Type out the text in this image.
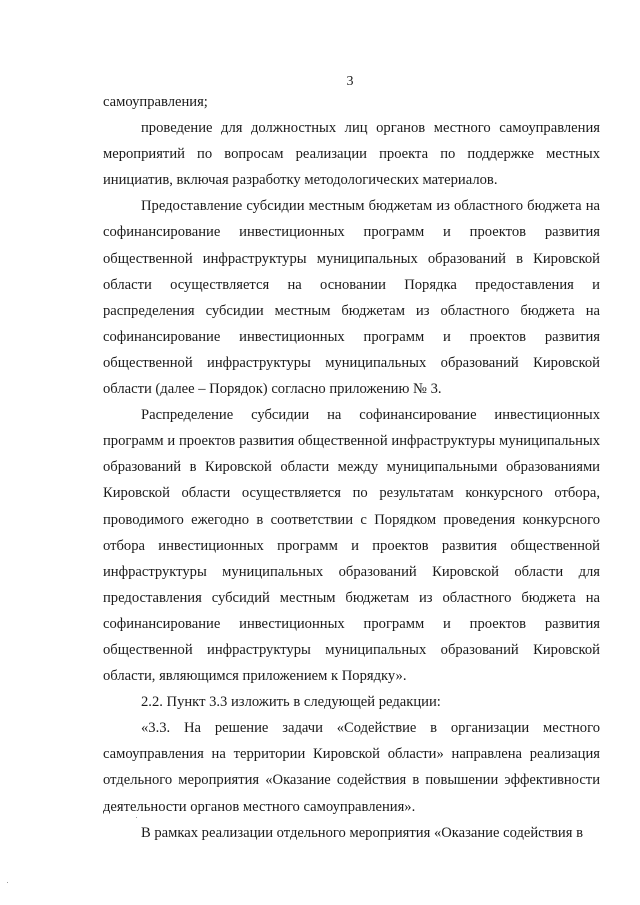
3

самоуправления;

проведение для должностных лиц органов местного самоуправления мероприятий по вопросам реализации проекта по поддержке местных инициатив, включая разработку методологических материалов.

Предоставление субсидии местным бюджетам из областного бюджета на софинансирование инвестиционных программ и проектов развития общественной инфраструктуры муниципальных образований в Кировской области осуществляется на основании Порядка предоставления и распределения субсидии местным бюджетам из областного бюджета на софинансирование инвестиционных программ и проектов развития общественной инфраструктуры муниципальных образований Кировской области (далее – Порядок) согласно приложению № 3.

Распределение субсидии на софинансирование инвестиционных программ и проектов развития общественной инфраструктуры муниципальных образований в Кировской области между муниципальными образованиями Кировской области осуществляется по результатам конкурсного отбора, проводимого ежегодно в соответствии с Порядком проведения конкурсного отбора инвестиционных программ и проектов развития общественной инфраструктуры муниципальных образований Кировской области для предоставления субсидий местным бюджетам из областного бюджета на софинансирование инвестиционных программ и проектов развития общественной инфраструктуры муниципальных образований Кировской области, являющимся приложением к Порядку».

2.2. Пункт 3.3 изложить в следующей редакции:

«3.3. На решение задачи «Содействие в организации местного самоуправления на территории Кировской области» направлена реализация отдельного мероприятия «Оказание содействия в повышении эффективности деятельности органов местного самоуправления».

В рамках реализации отдельного мероприятия «Оказание содействия в
